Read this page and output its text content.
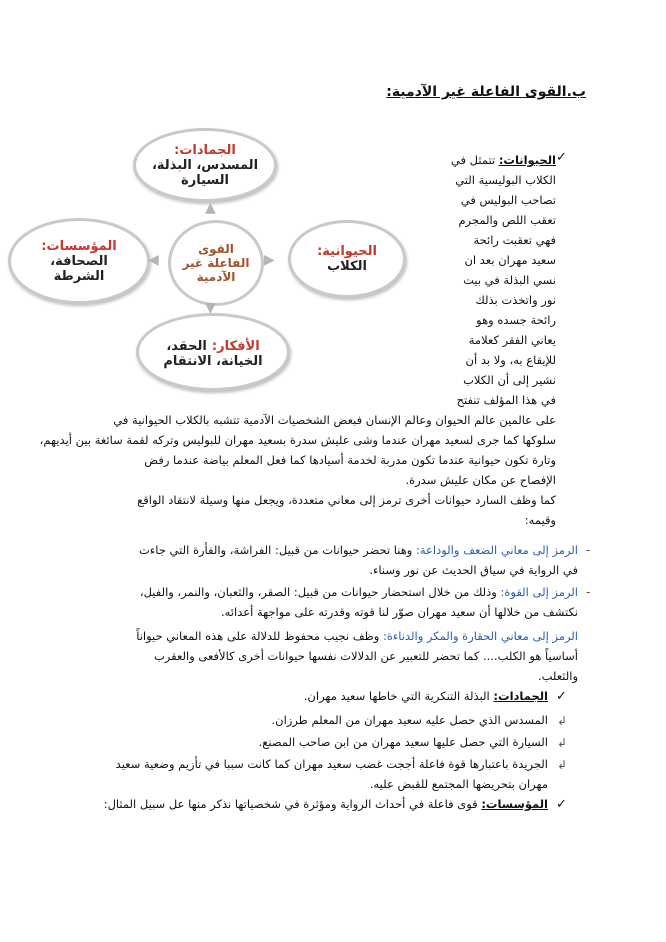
ب.القوى الفاعلة غير الآدمية:
الجمادات:
المسدس، البذلة،
السيارة
المؤسسات:
الصحافة،
الشرطة
الحيوانية:
الكلاب
الأفكار: الحقد،
الخيانة، الانتقام
القوى
الفاعلة غير
الآدمية
▲
▼
◀	▶
✓
الحيوانات: تتمثل في
الكلاب البوليسية التي
تصاحب البوليس في
تعقب اللص والمجرم
فهي تعقبت رائحة
سعيد مهران بعد ان
نسي البذلة في بيت
نور واتخذت بذلك
رائحة جسده وهو
يعاني الفقر كعلامة
للإيقاع به، ولا بد أن
نشير إلى أن الكلاب
في هذا المؤلف تنفتح
على عالمين عالم الحيوان وعالم الإنسان فبعض الشخصيات الآدمية تتشبه بالكلاب الحيوانية في
سلوكها كما جرى لسعيد مهران عندما وشى عليش سدرة بسعيد مهران للبوليس وتركه لقمة سائغة بين أيديهم،
وتارة تكون حيوانية عندما تكون مدربة لخدمة أسيادها كما فعل المعلم بياضة عندما رفض
الإفصاح عن مكان عليش سدرة.
كما وظف السارد حيوانات أخرى ترمز إلى معاني متعددة، ويجعل منها وسيلة لانتقاد الواقع
وقيمه:
-
الرمز إلى معاني الضعف والوداعة: وهنا تحضر حيوانات من قبيل: الفراشة، والفأرة التي جاءت
في الرواية في سياق الحديث عن نور وسناء.
-
الرمز إلى القوة: وذلك من خلال استحضار حيوانات من قبيل: الصقر، والثعبان، والنمر، والفيل،
نكتشف من خلالها أن سعيد مهران صوّر لنا قوته وقدرته على مواجهة أعدائه.
الرمز إلى معاني الحقارة والمكر والدناءة: وظف نجيب محفوظ للدلالة على هذه المعاني حيواناً
أساسياً هو الكلب.... كما تحضر للتعبير عن الدلالات نفسها حيوانات أخرى كالأفعى والعقرب
والثعلب.
✓
الجمادات: البذلة التنكرية التي خاطها سعيد مهران.
↲
المسدس الذي حصل عليه سعيد مهران من المعلم طرزان.
↲
السيارة التي حصل عليها سعيد مهران من ابن صاحب المصنع.
↲
الجريدة باعتبارها قوة فاعلة أججت غضب سعيد مهران كما كانت سببا في تأزيم وضعية سعيد
مهران بتحريضها المجتمع للقبض عليه.
✓
المؤسسات: قوى فاعلة في أحداث الرواية ومؤثرة في شخصياتها نذكر منها عل سبيل المثال:
